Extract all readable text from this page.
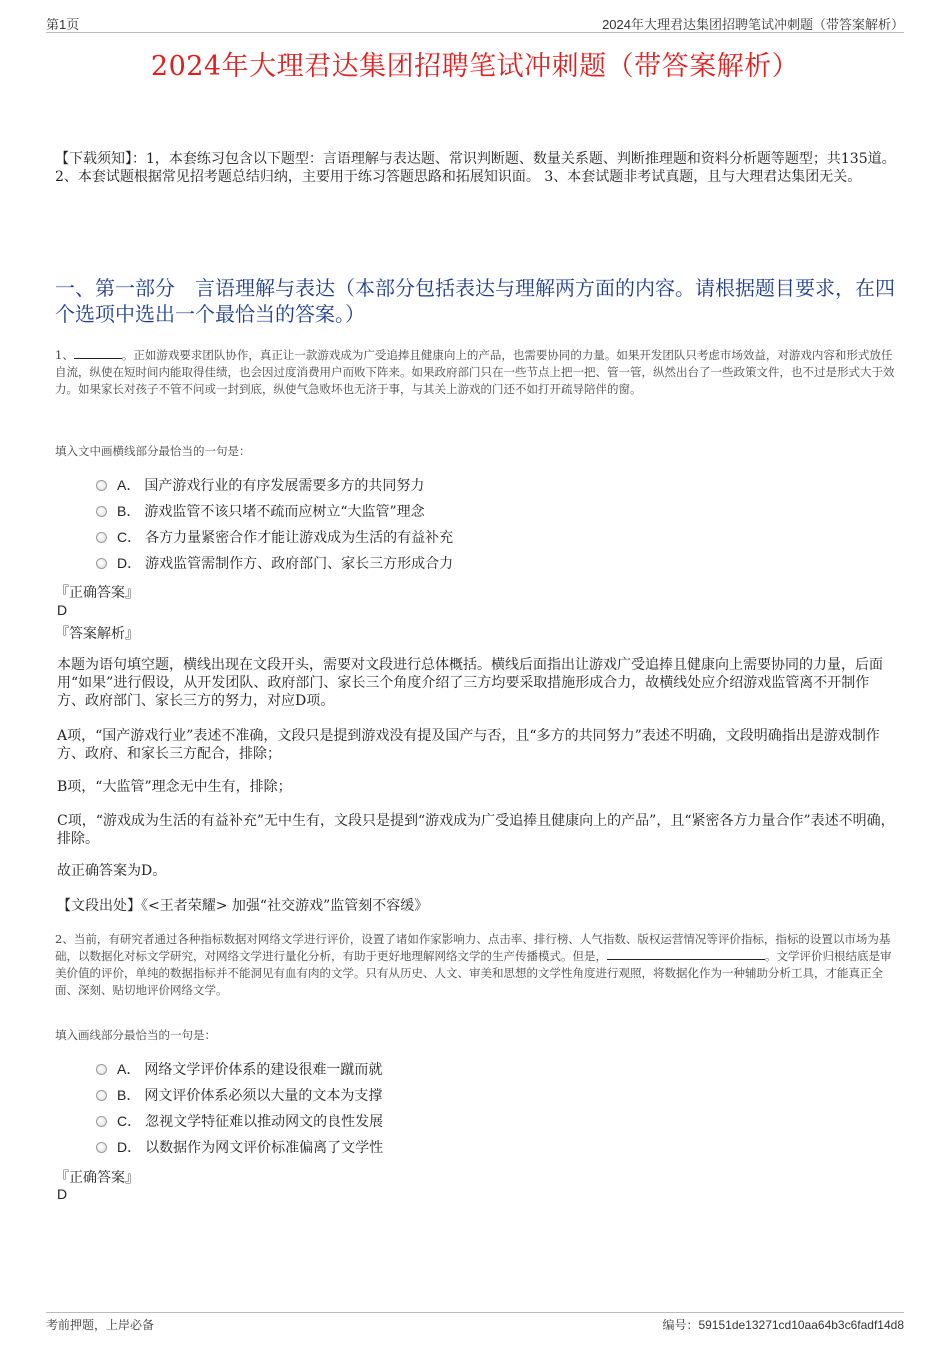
第1页	2024年大理君达集团招聘笔试冲刺题（带答案解析）
2024年大理君达集团招聘笔试冲刺题（带答案解析）
【下载须知】：1，本套练习包含以下题型：言语理解与表达题、常识判断题、数量关系题、判断推理题和资料分析题等题型；共135道。 2、本套试题根据常见招考题总结归纳，主要用于练习答题思路和拓展知识面。 3、本套试题非考试真题，且与大理君达集团无关。
一、第一部分　言语理解与表达（本部分包括表达与理解两方面的内容。请根据题目要求，在四个选项中选出一个最恰当的答案。）
1、	。正如游戏要求团队协作，真正让一款游戏成为广受追捧且健康向上的产品，也需要协同的力量。如果开发团队只考虑市场效益，对游戏内容和形式放任自流，纵使在短时间内能取得佳绩，也会因过度消费用户而败下阵来。如果政府部门只在一些节点上把一把、管一管，纵然出台了一些政策文件，也不过是形式大于效力。如果家长对孩子不管不问或一封到底，纵使气急败坏也无济于事，与其关上游戏的门还不如打开疏导陪伴的窗。
填入文中画横线部分最恰当的一句是：
A． 国产游戏行业的有序发展需要多方的共同努力
B． 游戏监管不该只堵不疏而应树立“大监管”理念
C． 各方力量紧密合作才能让游戏成为生活的有益补充
D． 游戏监管需制作方、政府部门、家长三方形成合力
『正确答案』
D
『答案解析』
本题为语句填空题，横线出现在文段开头，需要对文段进行总体概括。横线后面指出让游戏广受追捧且健康向上需要协同的力量，后面用“如果”进行假设，从开发团队、政府部门、家长三个角度介绍了三方均要采取措施形成合力，故横线处应介绍游戏监管离不开制作方、政府部门、家长三方的努力，对应D项。
A项，“国产游戏行业”表述不准确，文段只是提到游戏没有提及国产与否，且“多方的共同努力”表述不明确，文段明确指出是游戏制作方、政府、和家长三方配合，排除；
B项，“大监管”理念无中生有，排除；
C项，“游戏成为生活的有益补充”无中生有，文段只是提到“游戏成为广受追捧且健康向上的产品”，且“紧密各方力量合作”表述不明确，排除。
故正确答案为D。
【文段出处】《<王者荣耀> 加强“社交游戏”监管刻不容缓》
2、当前，有研究者通过各种指标数据对网络文学进行评价，设置了诸如作家影响力、点击率、排行榜、人气指数、版权运营情况等评价指标，指标的设置以市场为基础，以数据化对标文学研究，对网络文学进行量化分析，有助于更好地理解网络文学的生产传播模式。但是，	。文学评价归根结底是审美价值的评价，单纯的数据指标并不能洞见有血有肉的文学。只有从历史、人文、审美和思想的文学性角度进行观照，将数据化作为一种辅助分析工具，才能真正全面、深刻、贴切地评价网络文学。
填入画线部分最恰当的一句是：
A． 网络文学评价体系的建设很难一蹴而就
B． 网文评价体系必须以大量的文本为支撑
C． 忽视文学特征难以推动网文的良性发展
D． 以数据作为网文评价标准偏离了文学性
『正确答案』
D
考前押题，上岸必备	编号：59151de13271cd10aa64b3c6fadf14d8
